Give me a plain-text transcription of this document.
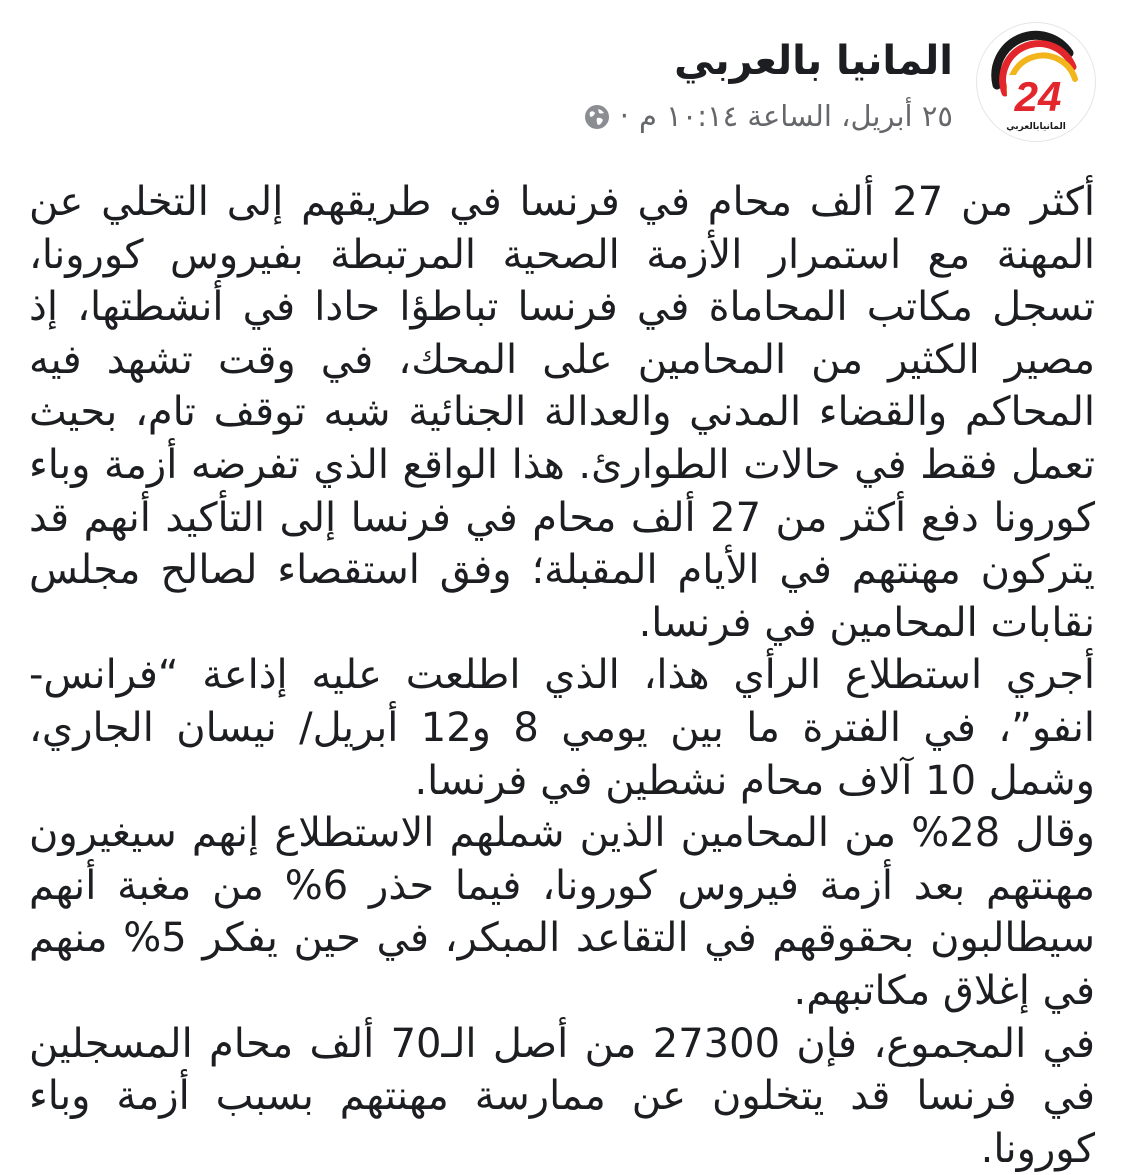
24
المانيابالعربي
المانيا بالعربي
٢٥ أبريل، الساعة ١٠:١٤ م
·

أكثر من 27 ألف محام في فرنسا في طريقهم إلى التخلي عن المهنة مع استمرار الأزمة الصحية المرتبطة بفيروس كورونا، تسجل مكاتب المحاماة في فرنسا تباطؤا حادا في أنشطتها، إذ مصير الكثير من المحامين على المحك، في وقت تشهد فيه المحاكم والقضاء المدني والعدالة الجنائية شبه توقف تام، بحيث تعمل فقط في حالات الطوارئ. هذا الواقع الذي تفرضه أزمة وباء كورونا دفع أكثر من 27 ألف محام في فرنسا إلى التأكيد أنهم قد يتركون مهنتهم في الأيام المقبلة؛ وفق استقصاء لصالح مجلس نقابات المحامين في فرنسا.

أجري استطلاع الرأي هذا، الذي اطلعت عليه إذاعة “فرانس-انفو”، في الفترة ما بين يومي 8 و12 أبريل/ نيسان الجاري، وشمل 10 آلاف محام نشطين في فرنسا.

وقال 28% من المحامين الذين شملهم الاستطلاع إنهم سيغيرون مهنتهم بعد أزمة فيروس كورونا، فيما حذر 6% من مغبة أنهم سيطالبون بحقوقهم في التقاعد المبكر، في حين يفكر 5% منهم في إغلاق مكاتبهم.

في المجموع، فإن 27300 من أصل الـ70 ألف محام المسجلين في فرنسا قد يتخلون عن ممارسة مهنتهم بسبب أزمة وباء كورونا.
